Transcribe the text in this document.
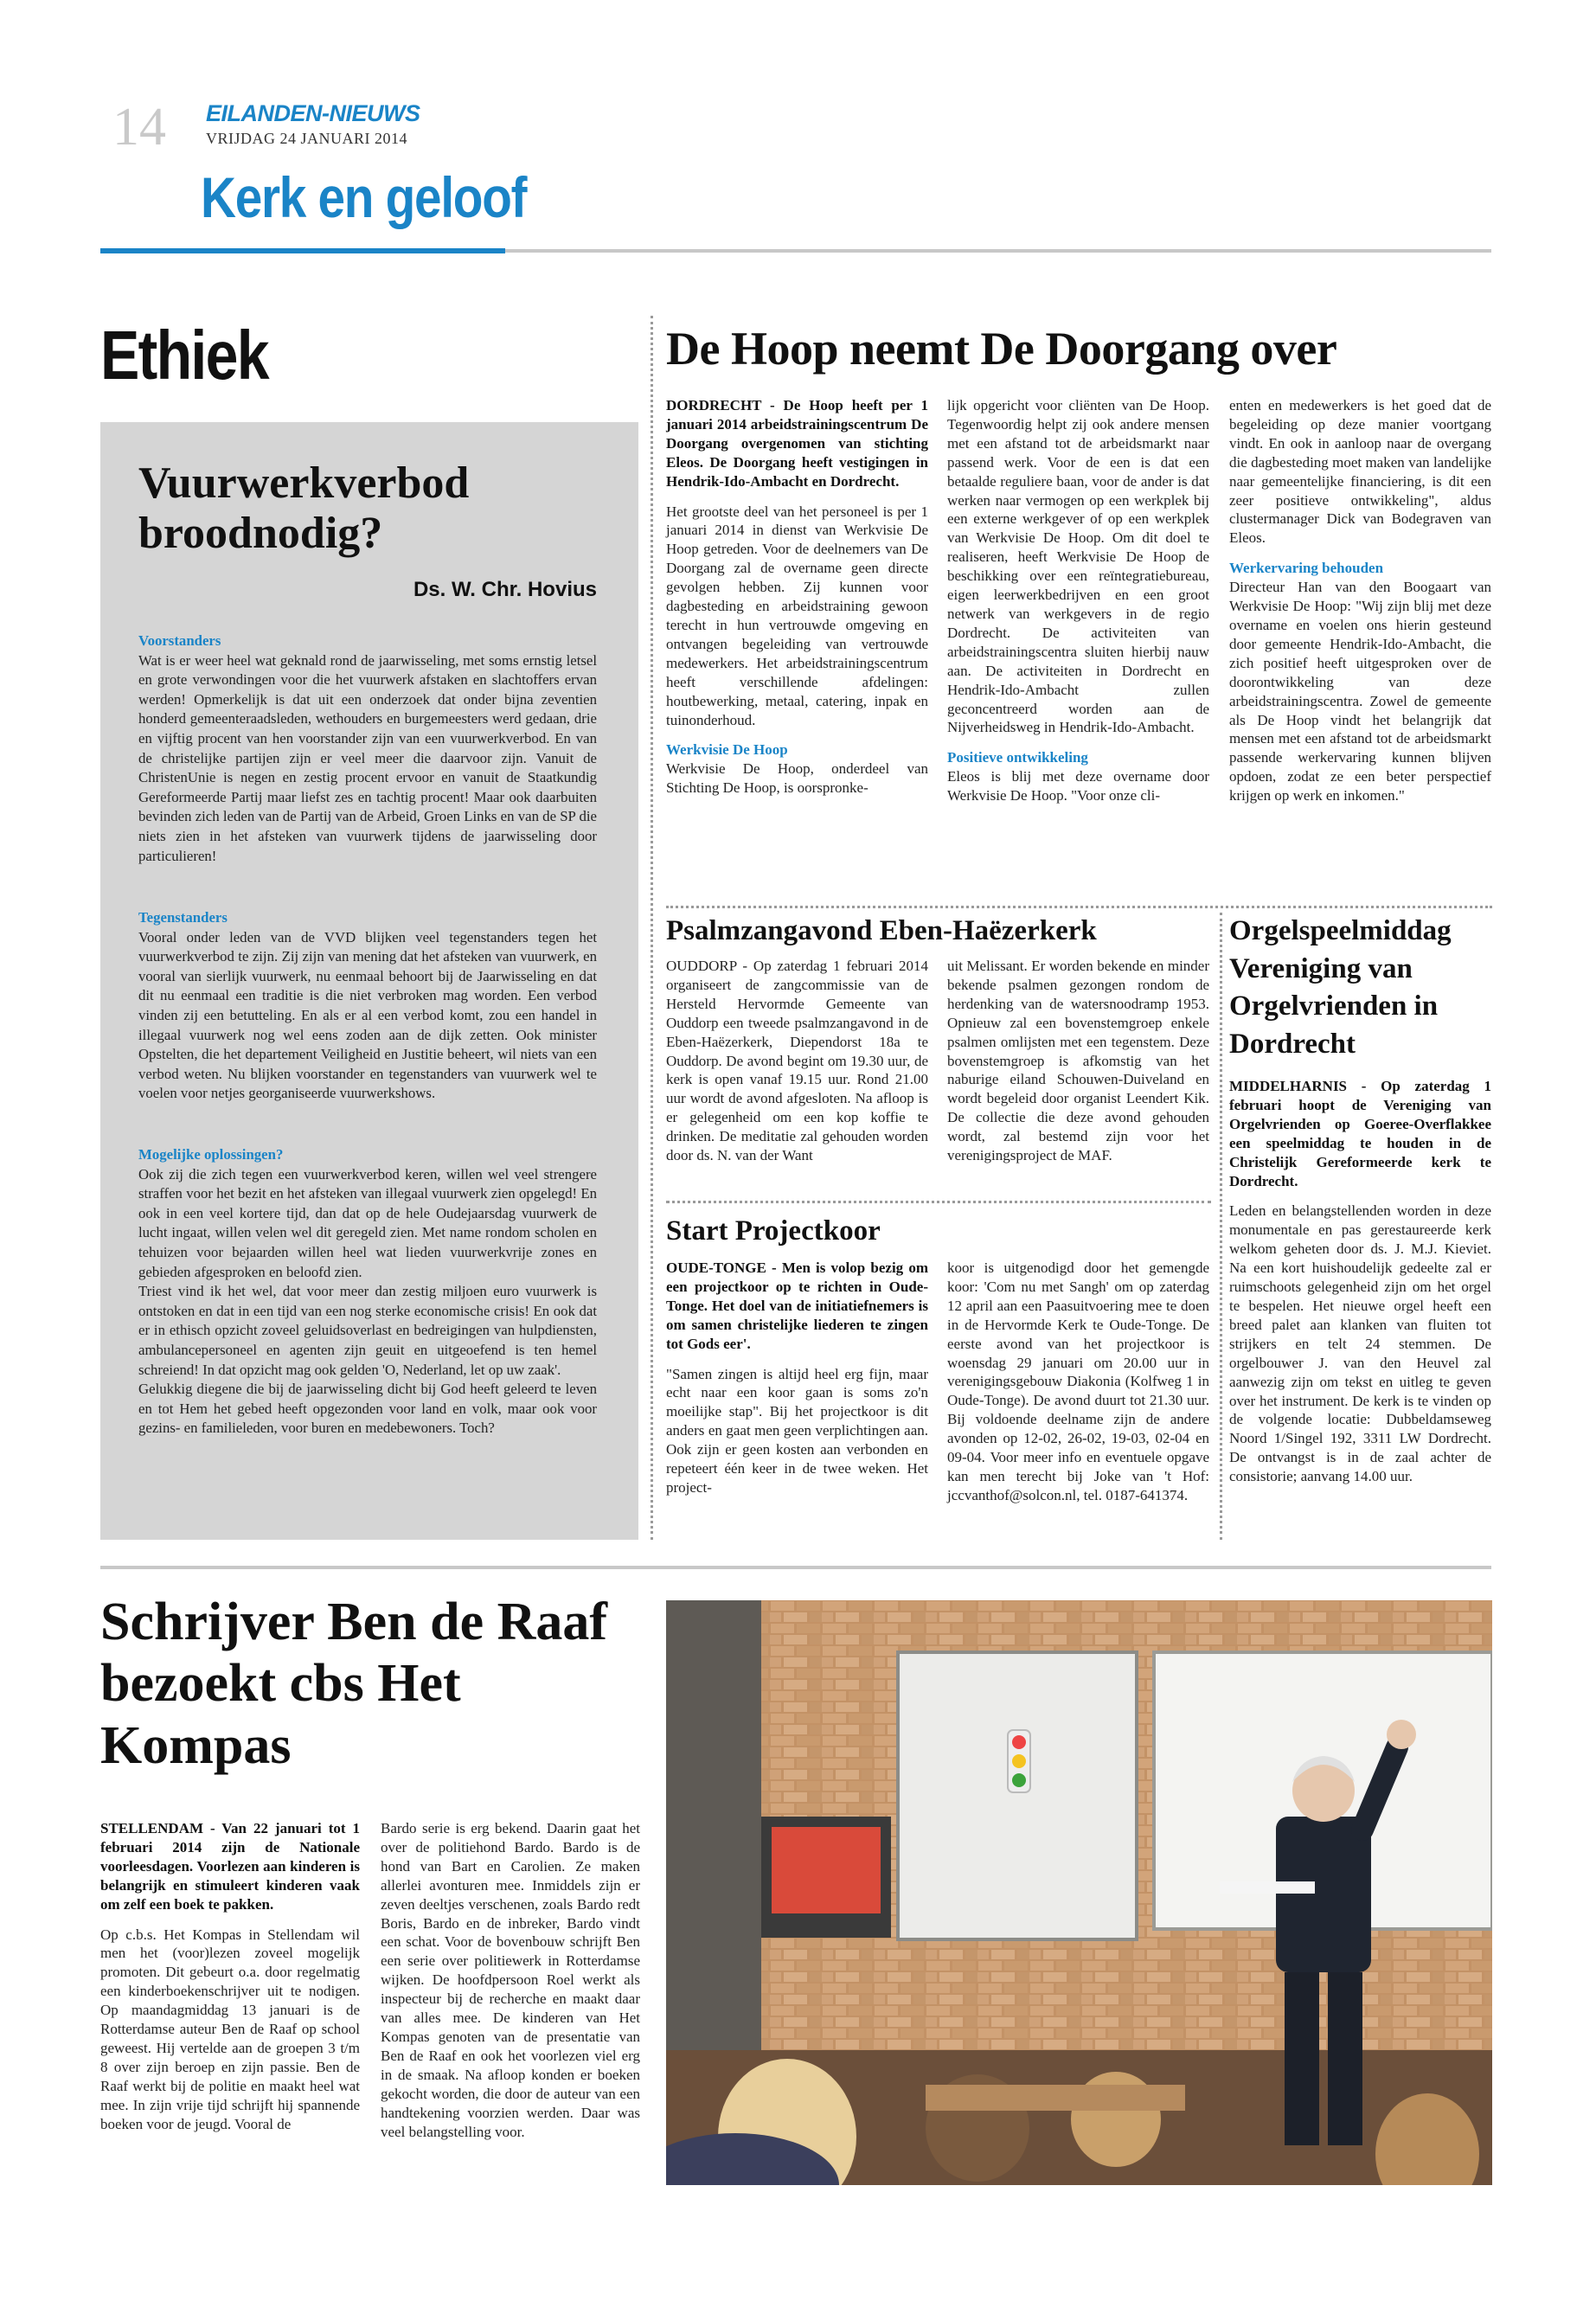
14 EILANDEN-NIEUWS
VRIJDAG 24 JANUARI 2014
Kerk en geloof
Ethiek
Vuurwerkverbod broodnodig?
Ds. W. Chr. Hovius
Voorstanders
Wat is er weer heel wat geknald rond de jaarwisseling, met soms ernstig letsel en grote verwondingen voor die het vuurwerk afstaken en slachtoffers ervan werden! Opmerkelijk is dat uit een onderzoek dat onder bijna zeventien honderd gemeenteraadsleden, wethouders en burgemeesters werd gedaan, drie en vijftig procent van hen voorstander zijn van een vuurwerkverbod. En van de christelijke partijen zijn er veel meer die daarvoor zijn. Vanuit de ChristenUnie is negen en zestig procent ervoor en vanuit de Staatkundig Gereformeerde Partij maar liefst zes en tachtig procent! Maar ook daarbuiten bevinden zich leden van de Partij van de Arbeid, Groen Links en van de SP die niets zien in het afsteken van vuurwerk tijdens de jaarwisseling door particulieren!
Tegenstanders
Vooral onder leden van de VVD blijken veel tegenstanders tegen het vuurwerkverbod te zijn. Zij zijn van mening dat het afsteken van vuurwerk, en vooral van sierlijk vuurwerk, nu eenmaal behoort bij de Jaarwisseling en dat dit nu eenmaal een traditie is die niet verbroken mag worden. Een verbod vinden zij een betutteling. En als er al een verbod komt, zou een handel in illegaal vuurwerk nog wel eens zoden aan de dijk zetten. Ook minister Opstelten, die het departement Veiligheid en Justitie beheert, wil niets van een verbod weten. Nu blijken voorstander en tegenstanders van vuurwerk wel te voelen voor netjes georganiseerde vuurwerkshows.
Mogelijke oplossingen?
Ook zij die zich tegen een vuurwerkverbod keren, willen wel veel strengere straffen voor het bezit en het afsteken van illegaal vuurwerk zien opgelegd! En ook in een veel kortere tijd, dan dat op de hele Oudejaarsdag vuurwerk de lucht ingaat, willen velen wel dit geregeld zien. Met name rondom scholen en tehuizen voor bejaarden willen heel wat lieden vuurwerkvrije zones en gebieden afgesproken en beloofd zien.
Triest vind ik het wel, dat voor meer dan zestig miljoen euro vuurwerk is ontstoken en dat in een tijd van een nog sterke economische crisis! En ook dat er in ethisch opzicht zoveel geluidsoverlast en bedreigingen van hulpdiensten, ambulancepersoneel en agenten zijn geuit en uitgeoefend is ten hemel schreiend! In dat opzicht mag ook gelden 'O, Nederland, let op uw zaak'.
Gelukkig diegene die bij de jaarwisseling dicht bij God heeft geleerd te leven en tot Hem het gebed heeft opgezonden voor land en volk, maar ook voor gezins- en familieleden, voor buren en medebewoners. Toch?
De Hoop neemt De Doorgang over
DORDRECHT - De Hoop heeft per 1 januari 2014 arbeidstrainingscentrum De Doorgang overgenomen van stichting Eleos. De Doorgang heeft vestigingen in Hendrik-Ido-Ambacht en Dordrecht.
Het grootste deel van het personeel is per 1 januari 2014 in dienst van Werkvisie De Hoop getreden. Voor de deelnemers van De Doorgang zal de overname geen directe gevolgen hebben. Zij kunnen voor dagbesteding en arbeidstraining gewoon terecht in hun vertrouwde omgeving en ontvangen begeleiding van vertrouwde medewerkers. Het arbeidstrainingscentrum heeft verschillende afdelingen: houtbewerking, metaal, catering, inpak en tuinonderhoud.
Werkvisie De Hoop
Werkvisie De Hoop, onderdeel van Stichting De Hoop, is oorspronke-
lijk opgericht voor cliënten van De Hoop. Tegenwoordig helpt zij ook andere mensen met een afstand tot de arbeidsmarkt naar passend werk. Voor de een is dat een betaalde reguliere baan, voor de ander is dat werken naar vermogen op een werkplek bij een externe werkgever of op een werkplek van Werkvisie De Hoop. Om dit doel te realiseren, heeft Werkvisie De Hoop de beschikking over een reïntegratiebureau, eigen leerwerkbedrijven en een groot netwerk van werkgevers in de regio Dordrecht. De activiteiten van arbeidstrainingscentra sluiten hierbij nauw aan. De activiteiten in Dordrecht en Hendrik-Ido-Ambacht zullen geconcentreerd worden aan de Nijverheidsweg in Hendrik-Ido-Ambacht.
Positieve ontwikkeling
Eleos is blij met deze overname door Werkvisie De Hoop. "Voor onze cli-
enten en medewerkers is het goed dat de begeleiding op deze manier voortgang vindt. En ook in aanloop naar de overgang die dagbesteding moet maken van landelijke naar gemeentelijke financiering, is dit een zeer positieve ontwikkeling", aldus clustermanager Dick van Bodegraven van Eleos.
Werkervaring behouden
Directeur Han van den Boogaart van Werkvisie De Hoop: "Wij zijn blij met deze overname en voelen ons hierin gesteund door gemeente Hendrik-Ido-Ambacht, die zich positief heeft uitgesproken over de doorontwikkeling van deze arbeidstrainingscentra. Zowel de gemeente als De Hoop vindt het belangrijk dat mensen met een afstand tot de arbeidsmarkt passende werkervaring kunnen blijven opdoen, zodat ze een beter perspectief krijgen op werk en inkomen."
Psalmzangavond Eben-Haëzerkerk
OUDDORP - Op zaterdag 1 februari 2014 organiseert de zangcommissie van de Hersteld Hervormde Gemeente van Ouddorp een tweede psalmzangavond in de Eben-Haëzerkerk, Diependorst 18a te Ouddorp. De avond begint om 19.30 uur, de kerk is open vanaf 19.15 uur. Rond 21.00 uur wordt de avond afgesloten. Na afloop is er gelegenheid om een kop koffie te drinken. De meditatie zal gehouden worden door ds. N. van der Want
uit Melissant. Er worden bekende en minder bekende psalmen gezongen rondom de herdenking van de watersnoodramp 1953. Opnieuw zal een bovenstemgroep enkele psalmen omlijsten met een tegenstem. Deze bovenstemgroep is afkomstig van het naburige eiland Schouwen-Duiveland en wordt begeleid door organist Leendert Kik. De collectie die deze avond gehouden wordt, zal bestemd zijn voor het verenigingsproject de MAF.
Start Projectkoor
OUDE-TONGE - Men is volop bezig om een projectkoor op te richten in Oude-Tonge. Het doel van de initiatiefnemers is om samen christelijke liederen te zingen tot Gods eer'.
"Samen zingen is altijd heel erg fijn, maar echt naar een koor gaan is soms zo'n moeilijke stap". Bij het projectkoor is dit anders en gaat men geen verplichtingen aan. Ook zijn er geen kosten aan verbonden en repeteert één keer in de twee weken. Het project-
koor is uitgenodigd door het gemengde koor: 'Com nu met Sangh' om op zaterdag 12 april aan een Paasuitvoering mee te doen in de Hervormde Kerk te Oude-Tonge. De eerste avond van het projectkoor is woensdag 29 januari om 20.00 uur in verenigingsgebouw Diakonia (Kolfweg 1 in Oude-Tonge). De avond duurt tot 21.30 uur. Bij voldoende deelname zijn de andere avonden op 12-02, 26-02, 19-03, 02-04 en 09-04. Voor meer info en eventuele opgave kan men terecht bij Joke van 't Hof: jccvanthof@solcon.nl, tel. 0187-641374.
Orgelspeelmiddag Vereniging van Orgelvrienden in Dordrecht
MIDDELHARNIS - Op zaterdag 1 februari hoopt de Vereniging van Orgelvrienden op Goeree-Overflakkee een speelmiddag te houden in de Christelijk Gereformeerde kerk te Dordrecht.
Leden en belangstellenden worden in deze monumentale en pas gerestaureerde kerk welkom geheten door ds. J. M.J. Kieviet. Na een kort huishoudelijk gedeelte zal er ruimschoots gelegenheid zijn om het orgel te bespelen. Het nieuwe orgel heeft een breed palet aan klanken van fluiten tot strijkers en telt 24 stemmen. De orgelbouwer J. van den Heuvel zal aanwezig zijn om tekst en uitleg te geven over het instrument. De kerk is te vinden op de volgende locatie: Dubbeldamseweg Noord 1/Singel 192, 3311 LW Dordrecht. De ontvangst is in de zaal achter de consistorie; aanvang 14.00 uur.
Schrijver Ben de Raaf bezoekt cbs Het Kompas
STELLENDAM - Van 22 januari tot 1 februari 2014 zijn de Nationale voorleesdagen. Voorlezen aan kinderen is belangrijk en stimuleert kinderen vaak om zelf een boek te pakken.
Op c.b.s. Het Kompas in Stellendam wil men het (voor)lezen zoveel mogelijk promoten. Dit gebeurt o.a. door regelmatig een kinderboekenschrijver uit te nodigen. Op maandagmiddag 13 januari is de Rotterdamse auteur Ben de Raaf op school geweest. Hij vertelde aan de groepen 3 t/m 8 over zijn beroep en zijn passie. Ben de Raaf werkt bij de politie en maakt heel wat mee. In zijn vrije tijd schrijft hij spannende boeken voor de jeugd. Vooral de
Bardo serie is erg bekend. Daarin gaat het over de politiehond Bardo. Bardo is de hond van Bart en Carolien. Ze maken allerlei avonturen mee. Inmiddels zijn er zeven deeltjes verschenen, zoals Bardo redt Boris, Bardo en de inbreker, Bardo vindt een schat. Voor de bovenbouw schrijft Ben een serie over politiewerk in Rotterdamse wijken. De hoofdpersoon Roel werkt als inspecteur bij de recherche en maakt daar van alles mee. De kinderen van Het Kompas genoten van de presentatie van Ben de Raaf en ook het voorlezen viel erg in de smaak. Na afloop konden er boeken gekocht worden, die door de auteur van een handtekening voorzien werden. Daar was veel belangstelling voor.
